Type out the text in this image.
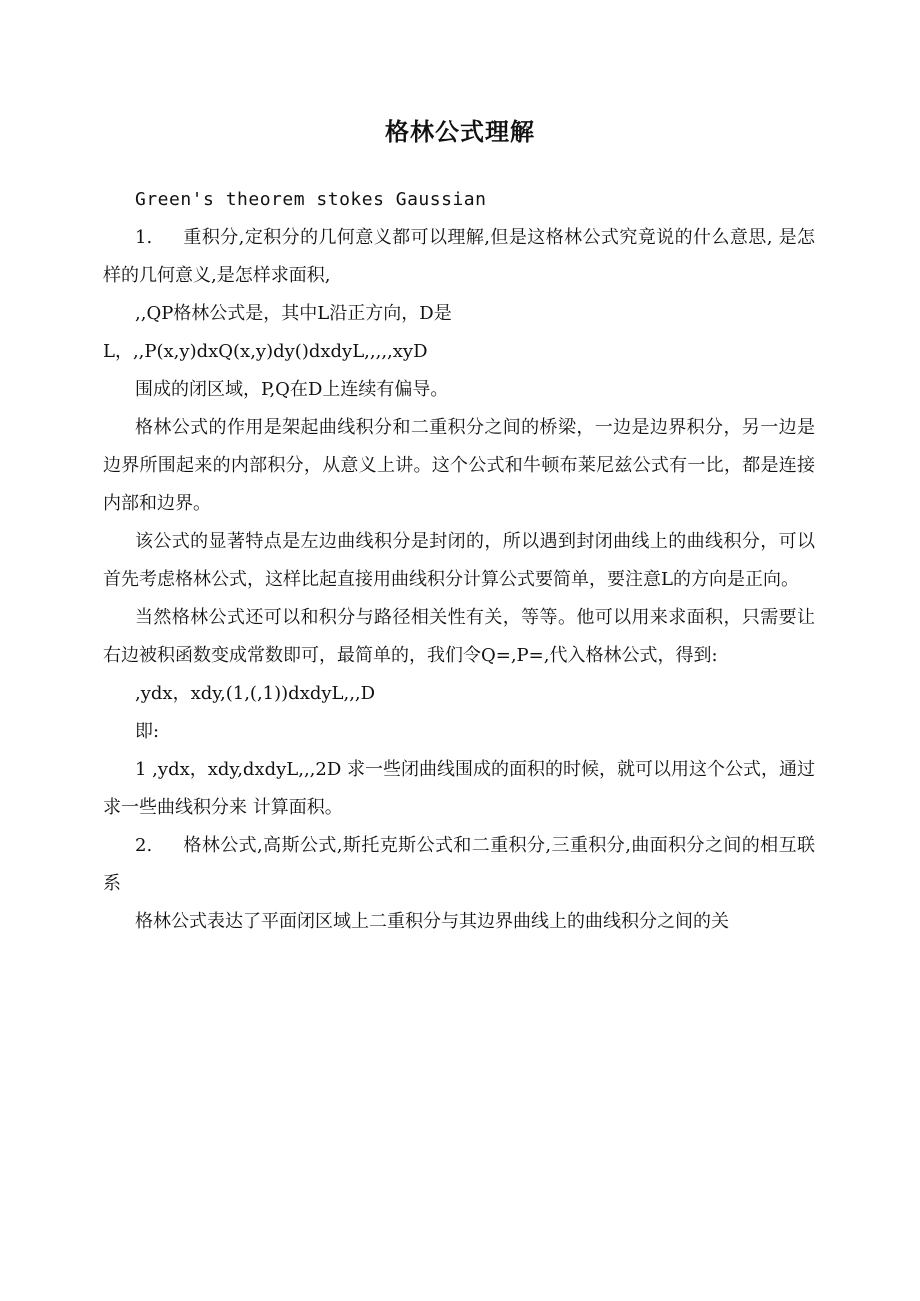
格林公式理解

Green's theorem stokes Gaussian

1. 重积分,定积分的几何意义都可以理解,但是这格林公式究竟说的什么意思, 是怎样的几何意义,是怎样求面积,

,,QP格林公式是，其中L沿正方向，D是

L，,,P(x,y)dxQ(x,y)dy()dxdyL,,,,,xyD

围成的闭区域，P,Q在D上连续有偏导。

格林公式的作用是架起曲线积分和二重积分之间的桥梁，一边是边界积分，另一边是边界所围起来的内部积分，从意义上讲。这个公式和牛顿布莱尼兹公式有一比，都是连接内部和边界。

该公式的显著特点是左边曲线积分是封闭的，所以遇到封闭曲线上的曲线积分，可以首先考虑格林公式，这样比起直接用曲线积分计算公式要简单，要注意L的方向是正向。

当然格林公式还可以和积分与路径相关性有关，等等。他可以用来求面积，只需要让右边被积函数变成常数即可，最简单的，我们令Q=,P=,代入格林公式，得到:

,ydx，xdy,(1,(,1))dxdyL,,,D

即:

1 ,ydx，xdy,dxdyL,,,2D 求一些闭曲线围成的面积的时候，就可以用这个公式，通过求一些曲线积分来 计算面积。

2. 格林公式,高斯公式,斯托克斯公式和二重积分,三重积分,曲面积分之间的相互联系

格林公式表达了平面闭区域上二重积分与其边界曲线上的曲线积分之间的关
